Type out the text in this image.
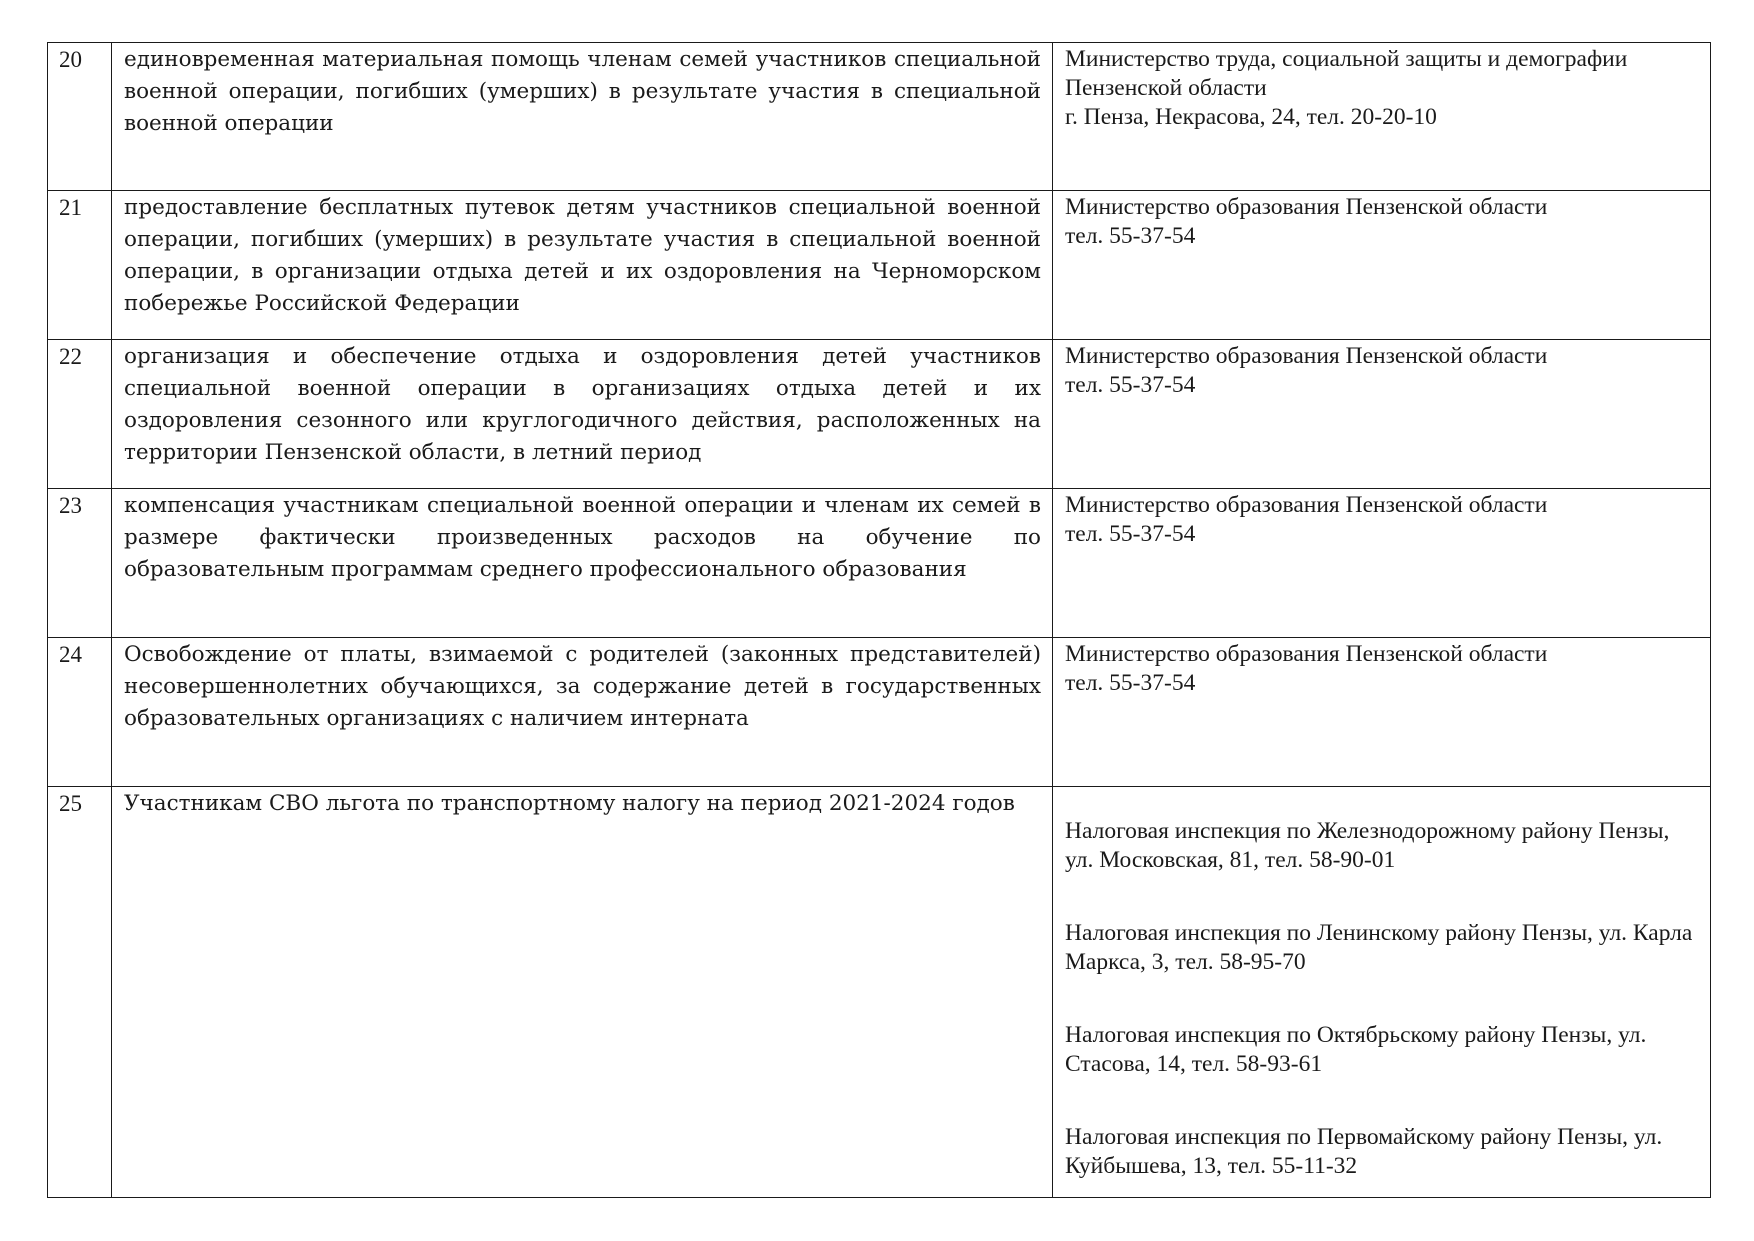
20	единовременная материальная помощь членам семей участников специальной военной операции, погибших (умерших) в результате участия в специальной военной операции	Министерство труда, социальной защиты и демографии Пензенской области
г. Пенза, Некрасова, 24, тел. 20-20-10

21	предоставление бесплатных путевок детям участников специальной военной операции, погибших (умерших) в результате участия в специальной военной операции, в организации отдыха детей и их оздоровления на Черноморском побережье Российской Федерации	Министерство образования Пензенской области
тел. 55-37-54

22	организация и обеспечение отдыха и оздоровления детей участников специальной военной операции в организациях отдыха детей и их оздоровления сезонного или круглогодичного действия, расположенных на территории Пензенской области, в летний период	Министерство образования Пензенской области
тел. 55-37-54

23	компенсация участникам специальной военной операции и членам их семей в размере фактически произведенных расходов на обучение по образовательным программам среднего профессионального образования	Министерство образования Пензенской области
тел. 55-37-54

24	Освобождение от платы, взимаемой с родителей (законных представителей) несовершеннолетних обучающихся, за содержание детей в государственных образовательных организациях с наличием интерната	Министерство образования Пензенской области
тел. 55-37-54

25	Участникам СВО льгота по транспортному налогу на период 2021-2024 годов	Налоговая инспекция по Железнодорожному району Пензы, ул. Московская, 81, тел. 58-90-01
Налоговая инспекция по Ленинскому району Пензы, ул. Карла Маркса, 3, тел. 58-95-70
Налоговая инспекция по Октябрьскому району Пензы, ул. Стасова, 14, тел. 58-93-61
Налоговая инспекция по Первомайскому району Пензы, ул. Куйбышева, 13, тел. 55-11-32
